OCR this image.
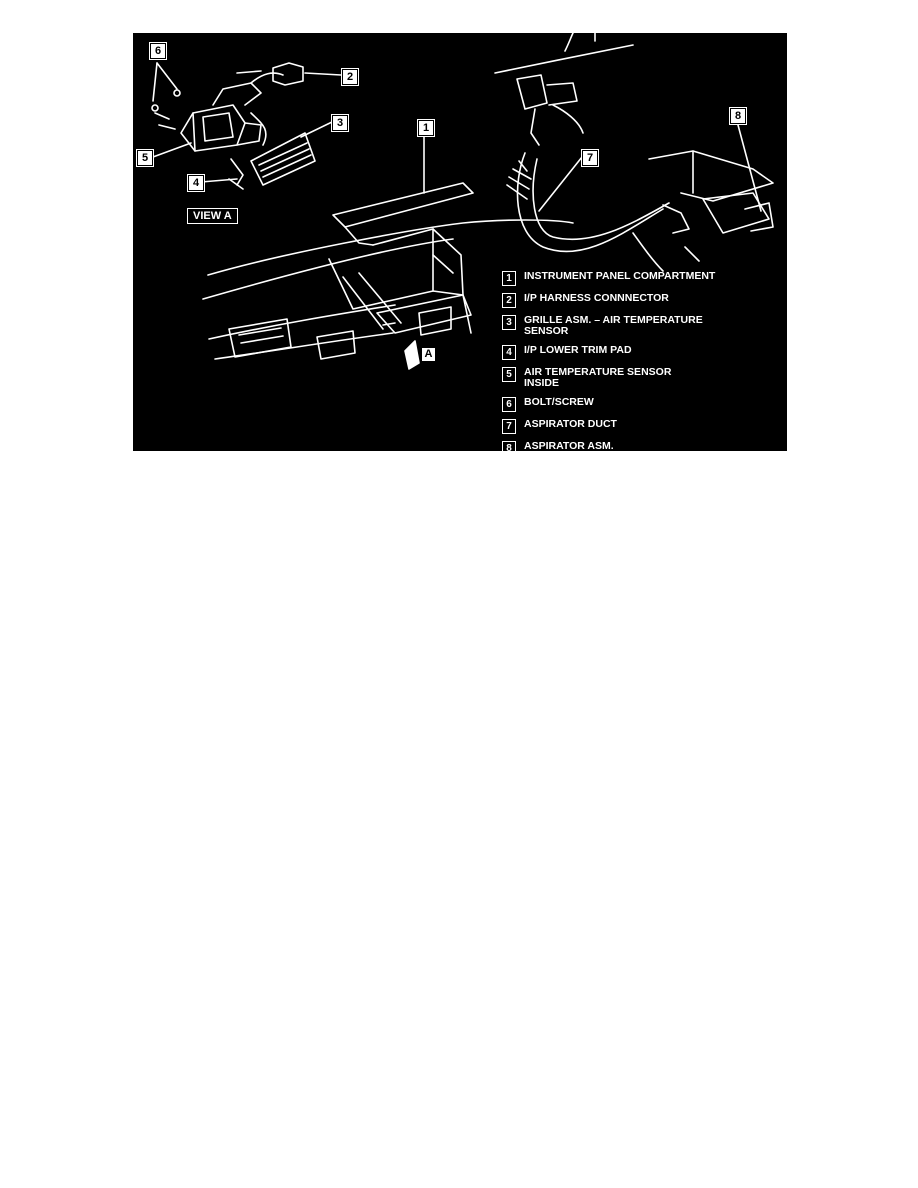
6
2
3
5
4
1
8
7
VIEW A
A
1	INSTRUMENT PANEL COMPARTMENT
2	I/P HARNESS CONNNECTOR
3	GRILLE ASM. – AIR TEMPERATURE SENSOR
4	I/P LOWER TRIM PAD
5	AIR TEMPERATURE SENSOR INSIDE
6	BOLT/SCREW
7	ASPIRATOR DUCT
8	ASPIRATOR ASM.
